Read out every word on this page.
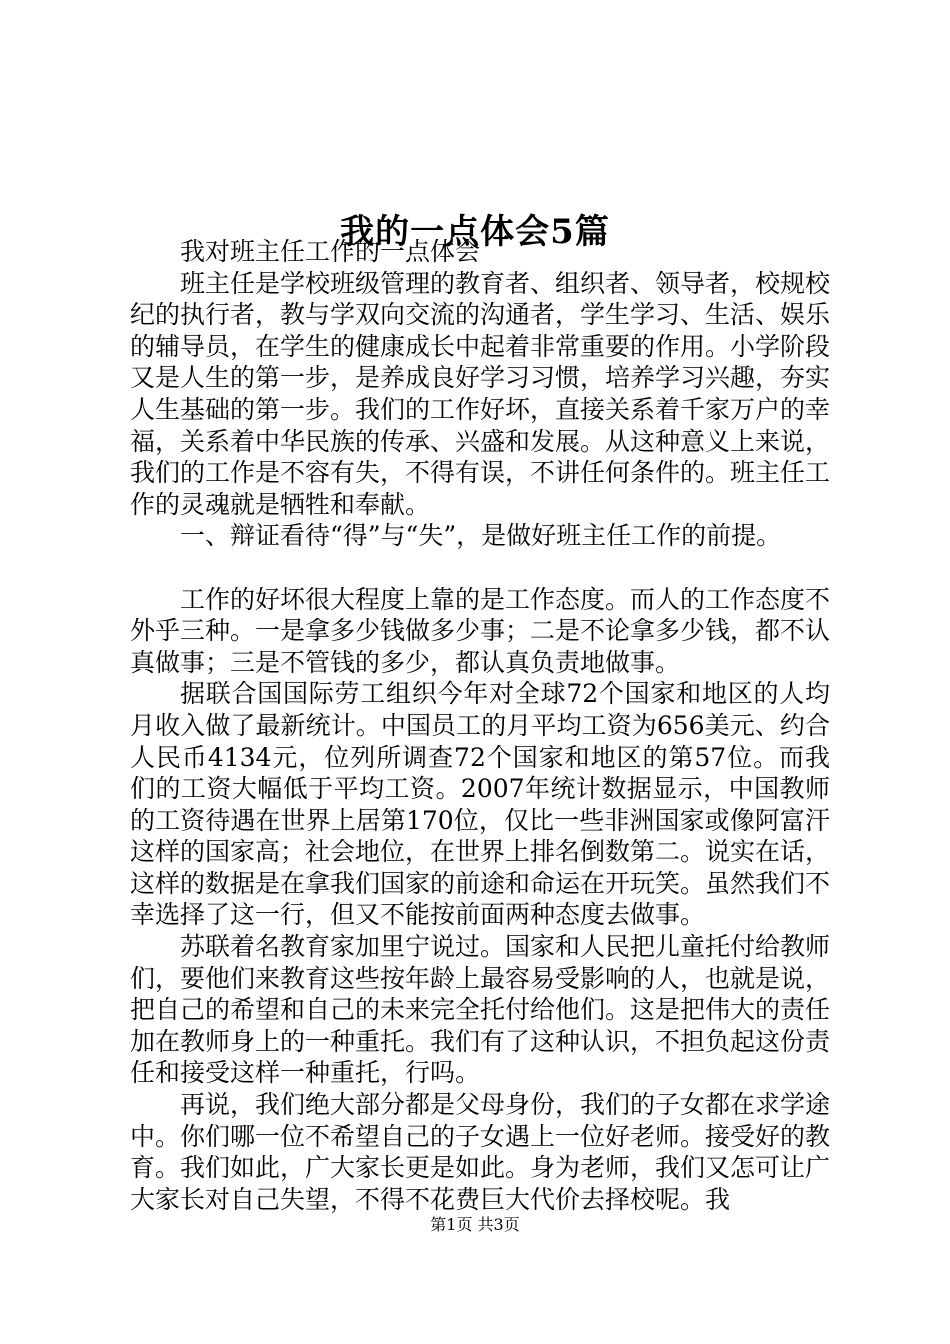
我的一点体会5篇

我对班主任工作的一点体会

班主任是学校班级管理的教育者、组织者、领导者，校规校纪的执行者，教与学双向交流的沟通者，学生学习、生活、娱乐的辅导员，在学生的健康成长中起着非常重要的作用。小学阶段又是人生的第一步，是养成良好学习习惯，培养学习兴趣，夯实人生基础的第一步。我们的工作好坏，直接关系着千家万户的幸福，关系着中华民族的传承、兴盛和发展。从这种意义上来说，我们的工作是不容有失，不得有误，不讲任何条件的。班主任工作的灵魂就是牺牲和奉献。

一、辩证看待“得”与“失”，是做好班主任工作的前提。

工作的好坏很大程度上靠的是工作态度。而人的工作态度不外乎三种。一是拿多少钱做多少事；二是不论拿多少钱，都不认真做事；三是不管钱的多少，都认真负责地做事。

据联合国国际劳工组织今年对全球72个国家和地区的人均月收入做了最新统计。中国员工的月平均工资为656美元、约合人民币4134元，位列所调查72个国家和地区的第57位。而我们的工资大幅低于平均工资。2007年统计数据显示，中国教师的工资待遇在世界上居第170位，仅比一些非洲国家或像阿富汗这样的国家高；社会地位，在世界上排名倒数第二。说实在话，这样的数据是在拿我们国家的前途和命运在开玩笑。虽然我们不幸选择了这一行，但又不能按前面两种态度去做事。

苏联着名教育家加里宁说过。国家和人民把儿童托付给教师们，要他们来教育这些按年龄上最容易受影响的人，也就是说，把自己的希望和自己的未来完全托付给他们。这是把伟大的责任加在教师身上的一种重托。我们有了这种认识，不担负起这份责任和接受这样一种重托，行吗。

再说，我们绝大部分都是父母身份，我们的子女都在求学途中。你们哪一位不希望自己的子女遇上一位好老师。接受好的教育。我们如此，广大家长更是如此。身为老师，我们又怎可让广大家长对自己失望，不得不花费巨大代价去择校呢。我

第1页 共3页
